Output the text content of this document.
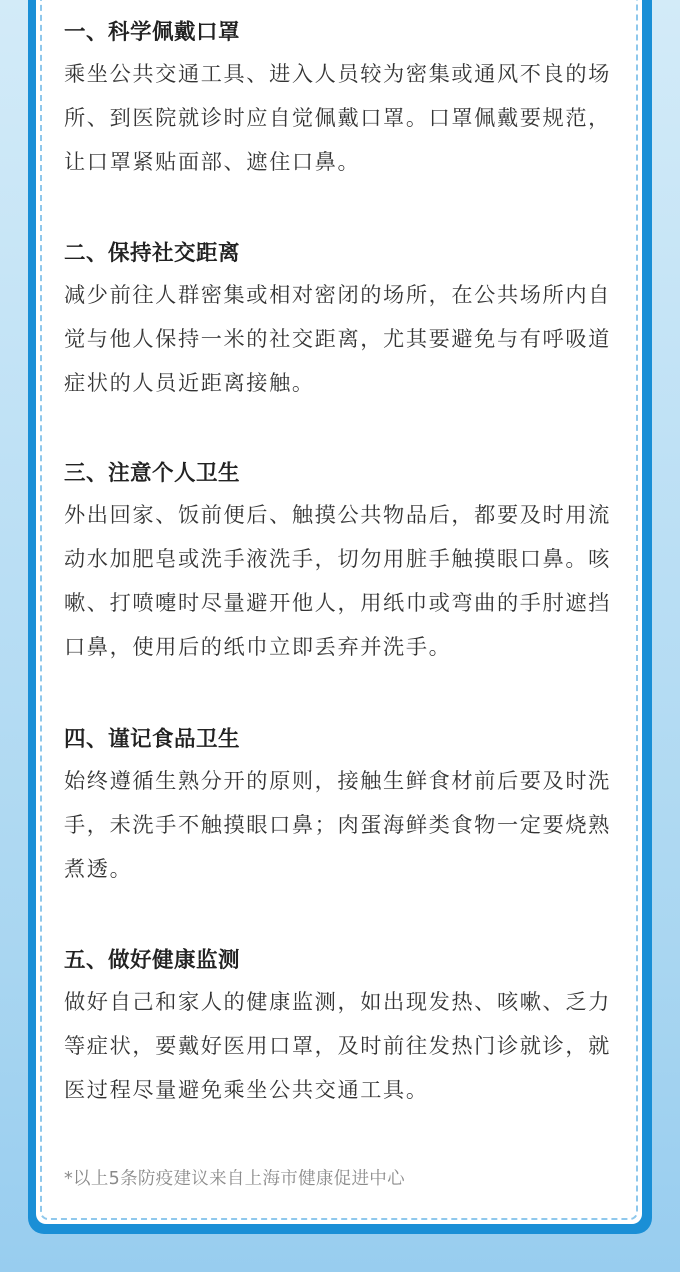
一、科学佩戴口罩

乘坐公共交通工具、进入人员较为密集或通风不良的场所、到医院就诊时应自觉佩戴口罩。口罩佩戴要规范，让口罩紧贴面部、遮住口鼻。

二、保持社交距离

减少前往人群密集或相对密闭的场所，在公共场所内自觉与他人保持一米的社交距离，尤其要避免与有呼吸道症状的人员近距离接触。

三、注意个人卫生

外出回家、饭前便后、触摸公共物品后，都要及时用流动水加肥皂或洗手液洗手，切勿用脏手触摸眼口鼻。咳嗽、打喷嚏时尽量避开他人，用纸巾或弯曲的手肘遮挡口鼻，使用后的纸巾立即丢弃并洗手。

四、谨记食品卫生

始终遵循生熟分开的原则，接触生鲜食材前后要及时洗手，未洗手不触摸眼口鼻；肉蛋海鲜类食物一定要烧熟煮透。

五、做好健康监测

做好自己和家人的健康监测，如出现发热、咳嗽、乏力等症状，要戴好医用口罩，及时前往发热门诊就诊，就医过程尽量避免乘坐公共交通工具。

*以上5条防疫建议来自上海市健康促进中心
